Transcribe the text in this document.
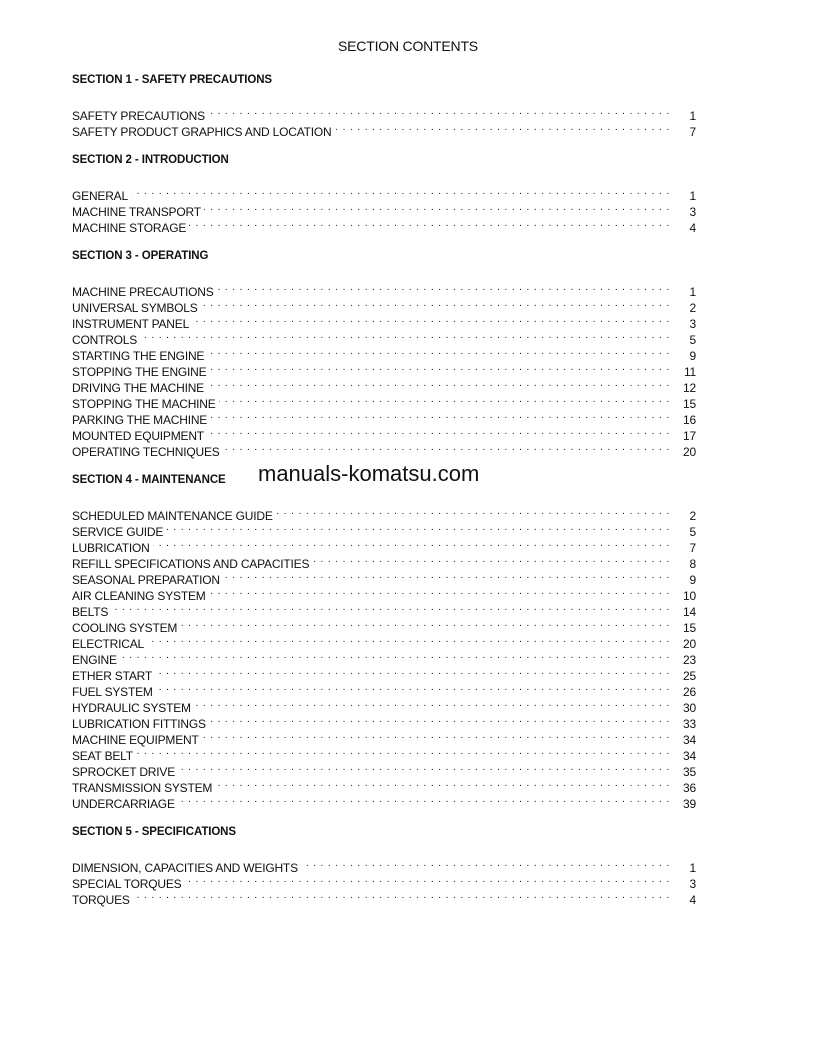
SECTION CONTENTS
SECTION 1 - SAFETY PRECAUTIONS
SAFETY PRECAUTIONS . . .	1
SAFETY PRODUCT GRAPHICS AND LOCATION . . .	7
SECTION 2 - INTRODUCTION
GENERAL . . .	1
MACHINE TRANSPORT . . .	3
MACHINE STORAGE . . .	4
SECTION 3 - OPERATING
MACHINE PRECAUTIONS . . .	1
UNIVERSAL SYMBOLS . . .	2
INSTRUMENT PANEL . . .	3
CONTROLS . . .	5
STARTING THE ENGINE . . .	9
STOPPING THE ENGINE . . .	11
DRIVING THE MACHINE . . .	12
STOPPING THE MACHINE . . .	15
PARKING THE MACHINE . . .	16
MOUNTED EQUIPMENT . . .	17
OPERATING TECHNIQUES . . .	20
SECTION 4 - MAINTENANCE
SCHEDULED MAINTENANCE GUIDE . . .	2
SERVICE GUIDE . . .	5
LUBRICATION . . .	7
REFILL SPECIFICATIONS AND CAPACITIES . . .	8
SEASONAL PREPARATION . . .	9
AIR CLEANING SYSTEM . . .	10
BELTS . . .	14
COOLING SYSTEM . . .	15
ELECTRICAL . . .	20
ENGINE . . .	23
ETHER START . . .	25
FUEL SYSTEM . . .	26
HYDRAULIC SYSTEM . . .	30
LUBRICATION FITTINGS . . .	33
MACHINE EQUIPMENT . . .	34
SEAT BELT . . .	34
SPROCKET DRIVE . . .	35
TRANSMISSION SYSTEM . . .	36
UNDERCARRIAGE . . .	39
SECTION 5 - SPECIFICATIONS
DIMENSION, CAPACITIES AND WEIGHTS . . .	1
SPECIAL TORQUES . . .	3
TORQUES . . .	4
manuals-komatsu.com
